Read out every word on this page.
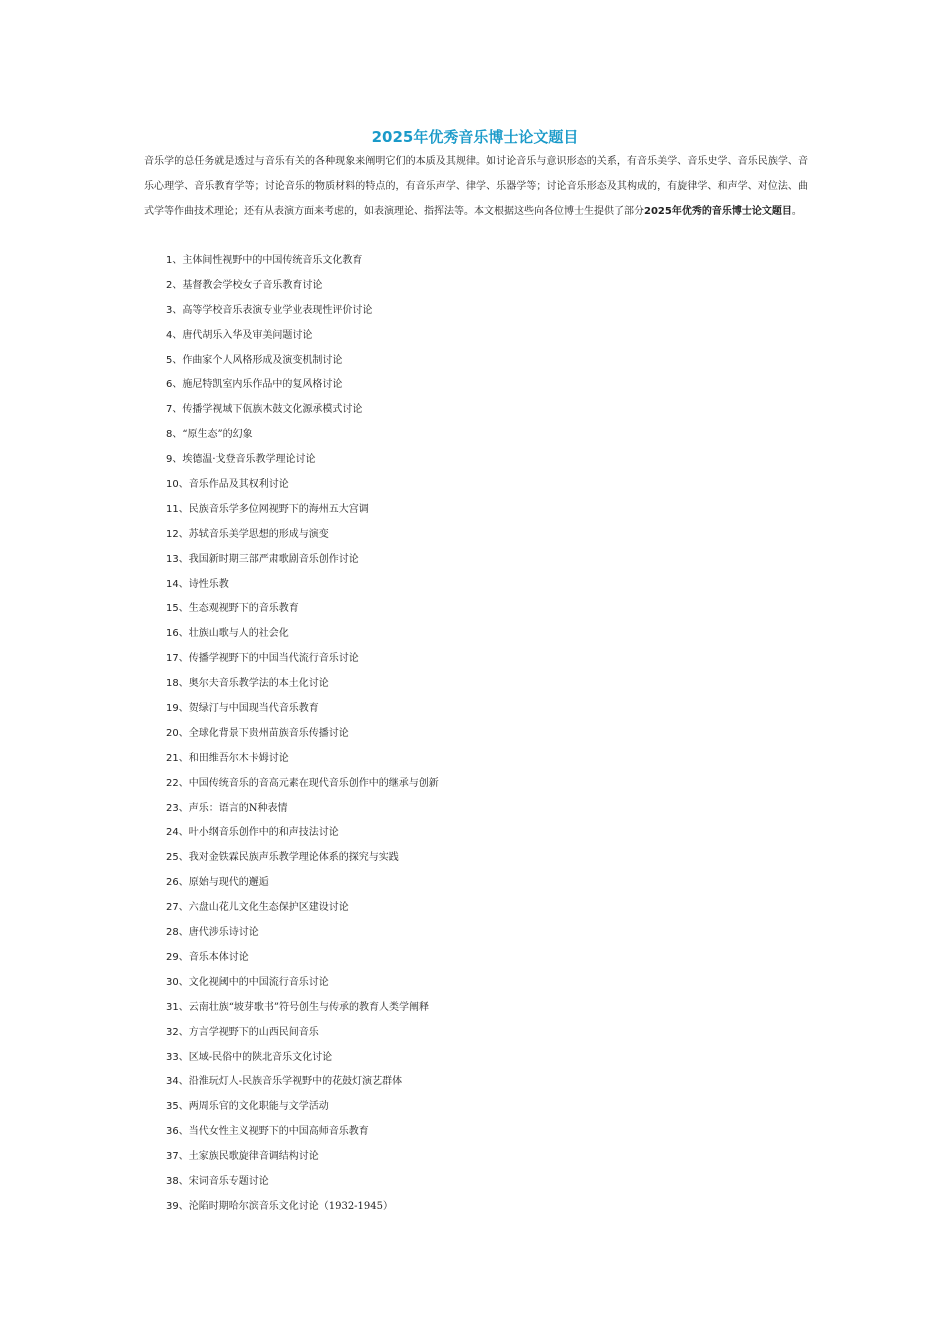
2025年优秀音乐博士论文题目

音乐学的总任务就是透过与音乐有关的各种现象来阐明它们的本质及其规律。如讨论音乐与意识形态的关系，有音乐美学、音乐史学、音乐民族学、音乐心理学、音乐教育学等；讨论音乐的物质材料的特点的，有音乐声学、律学、乐器学等；讨论音乐形态及其构成的，有旋律学、和声学、对位法、曲式学等作曲技术理论；还有从表演方面来考虑的，如表演理论、指挥法等。本文根据这些向各位博士生提供了部分2025年优秀的音乐博士论文题目。

1、主体间性视野中的中国传统音乐文化教育
2、基督教会学校女子音乐教育讨论
3、高等学校音乐表演专业学业表现性评价讨论
4、唐代胡乐入华及审美问题讨论
5、作曲家个人风格形成及演变机制讨论
6、施尼特凯室内乐作品中的复风格讨论
7、传播学视域下佤族木鼓文化源承模式讨论
8、“原生态”的幻象
9、埃德温·戈登音乐教学理论讨论
10、音乐作品及其权利讨论
11、民族音乐学多位网视野下的海州五大宫调
12、苏轼音乐美学思想的形成与演变
13、我国新时期三部严肃歌剧音乐创作讨论
14、诗性乐教
15、生态观视野下的音乐教育
16、壮族山歌与人的社会化
17、传播学视野下的中国当代流行音乐讨论
18、奥尔夫音乐教学法的本土化讨论
19、贺绿汀与中国现当代音乐教育
20、全球化背景下贵州苗族音乐传播讨论
21、和田维吾尔木卡姆讨论
22、中国传统音乐的音高元素在现代音乐创作中的继承与创新
23、声乐：语言的N种表情
24、叶小纲音乐创作中的和声技法讨论
25、我对金铁霖民族声乐教学理论体系的探究与实践
26、原始与现代的邂逅
27、六盘山花儿文化生态保护区建设讨论
28、唐代涉乐诗讨论
29、音乐本体讨论
30、文化视阈中的中国流行音乐讨论
31、云南壮族“坡芽歌书”符号创生与传承的教育人类学阐释
32、方言学视野下的山西民间音乐
33、区域-民俗中的陕北音乐文化讨论
34、沿淮玩灯人-民族音乐学视野中的花鼓灯演艺群体
35、两周乐官的文化职能与文学活动
36、当代女性主义视野下的中国高师音乐教育
37、土家族民歌旋律音调结构讨论
38、宋词音乐专题讨论
39、沦陷时期哈尔滨音乐文化讨论（1932-1945）
